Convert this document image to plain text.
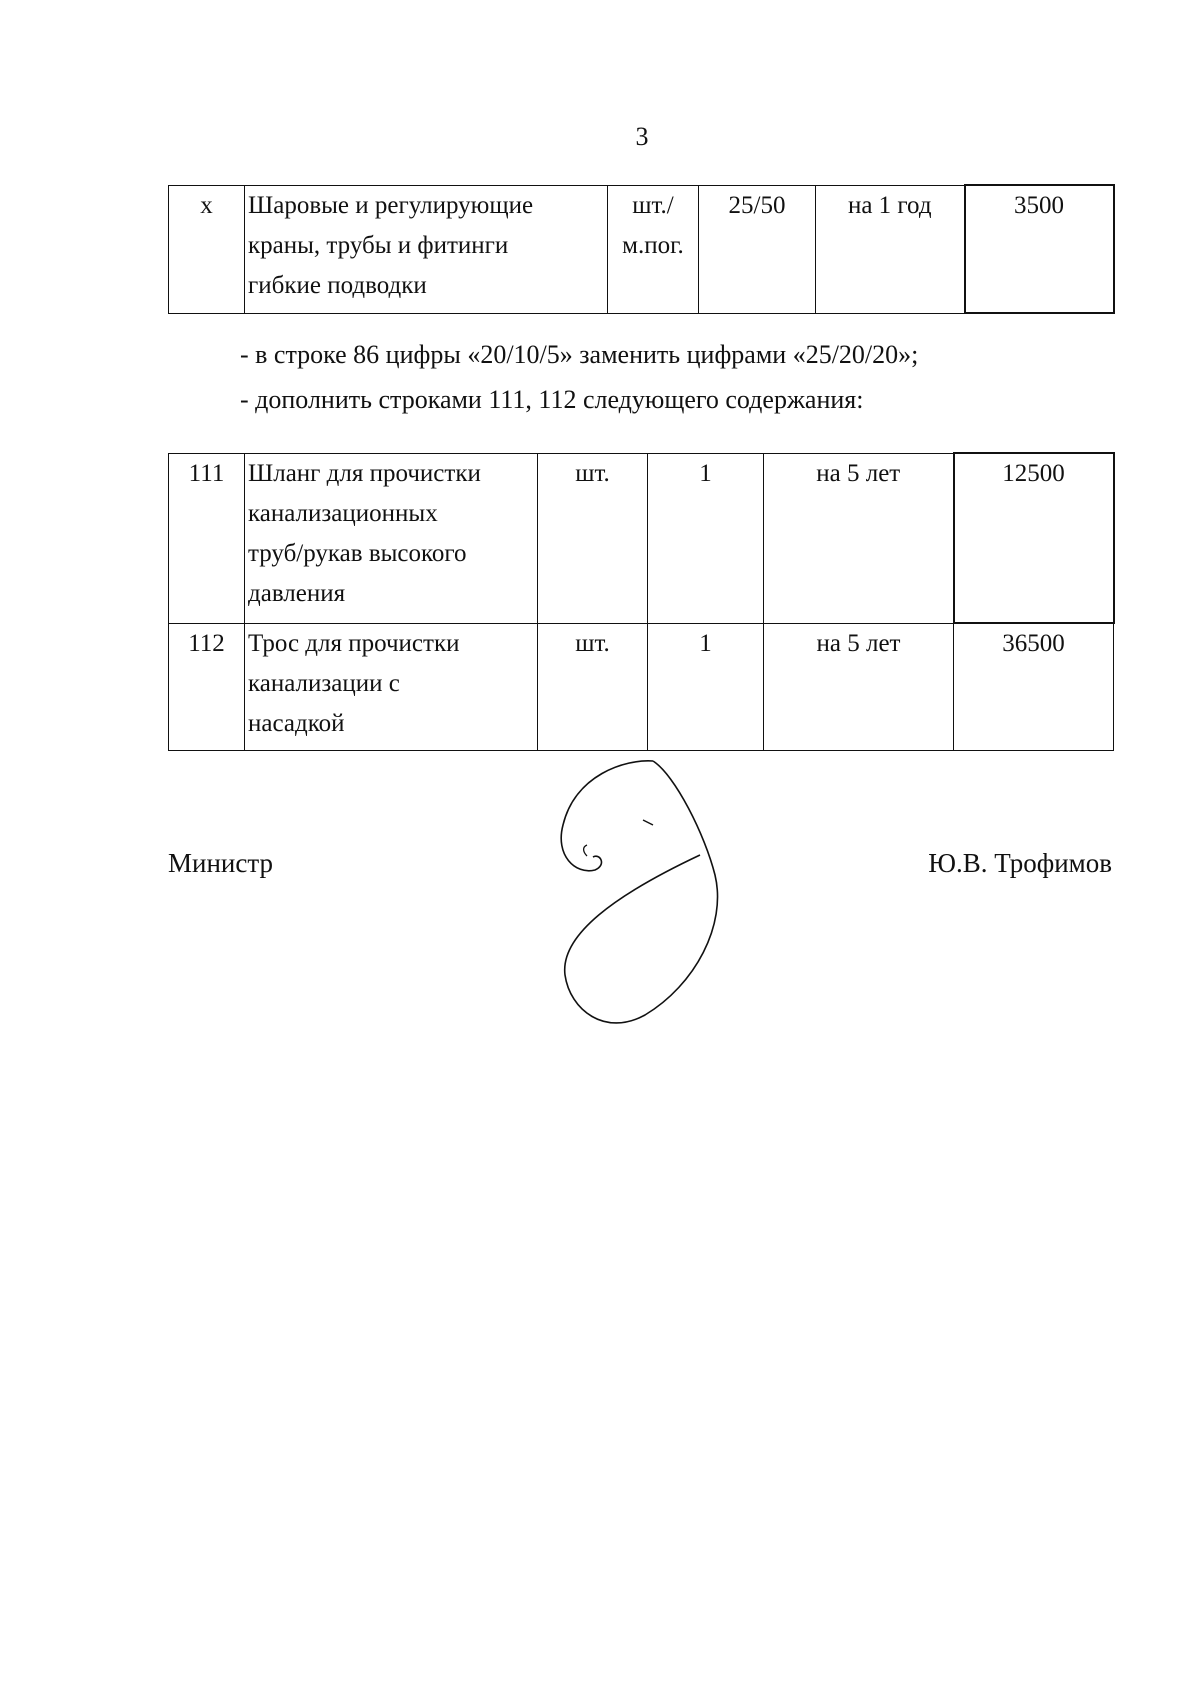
3
х	Шаровые и регулирующие
краны, трубы и фитинги
гибкие подводки	шт./
м.пог.	25/50	на 1 год	3500
- в строке 86 цифры «20/10/5» заменить цифрами «25/20/20»;
- дополнить строками 111, 112 следующего содержания:
111	Шланг для прочистки
канализационных
труб/рукав высокого
давления	шт.	1	на 5 лет	12500
112	Трос для прочистки
канализации с
насадкой	шт.	1	на 5 лет	36500
Министр	Ю.В. Трофимов
